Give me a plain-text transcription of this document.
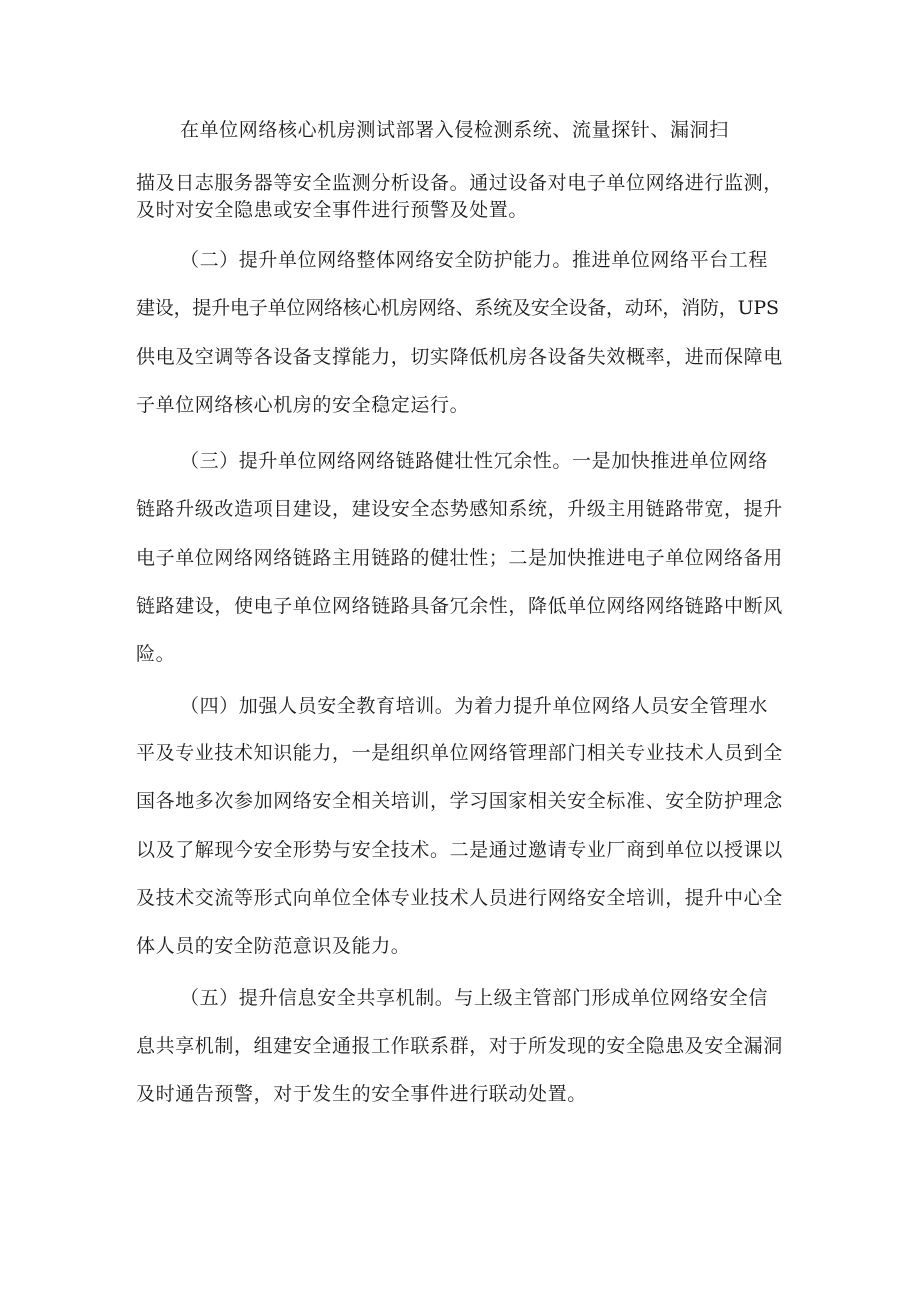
在单位网络核心机房测试部署入侵检测系统、流量探针、漏洞扫
描及日志服务器等安全监测分析设备。通过设备对电子单位网络进行监测，
及时对安全隐患或安全事件进行预警及处置。
（二）提升单位网络整体网络安全防护能力。推进单位网络平台工程
建设，提升电子单位网络核心机房网络、系统及安全设备，动环，消防，UPS
供电及空调等各设备支撑能力，切实降低机房各设备失效概率，进而保障电
子单位网络核心机房的安全稳定运行。
（三）提升单位网络网络链路健壮性冗余性。一是加快推进单位网络
链路升级改造项目建设，建设安全态势感知系统，升级主用链路带宽，提升
电子单位网络网络链路主用链路的健壮性；二是加快推进电子单位网络备用
链路建设，使电子单位网络链路具备冗余性，降低单位网络网络链路中断风
险。
（四）加强人员安全教育培训。为着力提升单位网络人员安全管理水
平及专业技术知识能力，一是组织单位网络管理部门相关专业技术人员到全
国各地多次参加网络安全相关培训，学习国家相关安全标准、安全防护理念
以及了解现今安全形势与安全技术。二是通过邀请专业厂商到单位以授课以
及技术交流等形式向单位全体专业技术人员进行网络安全培训，提升中心全
体人员的安全防范意识及能力。
（五）提升信息安全共享机制。与上级主管部门形成单位网络安全信
息共享机制，组建安全通报工作联系群，对于所发现的安全隐患及安全漏洞
及时通告预警，对于发生的安全事件进行联动处置。
